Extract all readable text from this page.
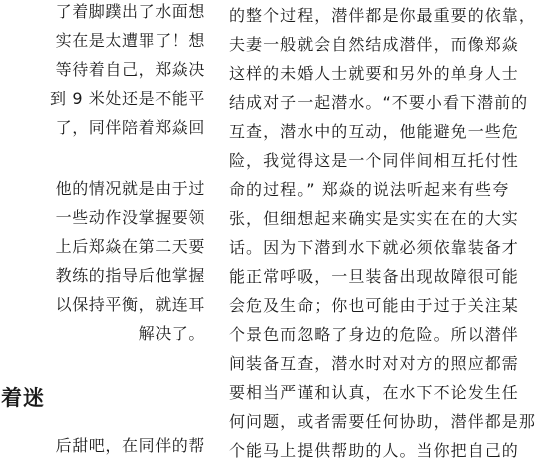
了着脚蹼出了水面想
实在是太遭罪了！想
等待着自己，郑焱决
到 9 米处还是不能平
了，同伴陪着郑焱回
他的情况就是由于过
一些动作没掌握要领
上后郑焱在第二天要
教练的指导后他掌握
以保持平衡，就连耳
解决了。
着迷
后甜吧，在同伴的帮
的整个过程，潜伴都是你最重要的依靠，
夫妻一般就会自然结成潜伴，而像郑焱
这样的未婚人士就要和另外的单身人士
结成对子一起潜水。“不要小看下潜前的
互查，潜水中的互动，他能避免一些危
险，我觉得这是一个同伴间相互托付性
命的过程。” 郑焱的说法听起来有些夸
张，但细想起来确实是实实在在的大实
话。因为下潜到水下就必须依靠装备才
能正常呼吸，一旦装备出现故障很可能
会危及生命；你也可能由于过于关注某
个景色而忽略了身边的危险。所以潜伴
间装备互查，潜水时对对方的照应都需
要相当严谨和认真，在水下不论发生任
何问题，或者需要任何协助，潜伴都是那
个能马上提供帮助的人。当你把自己的
